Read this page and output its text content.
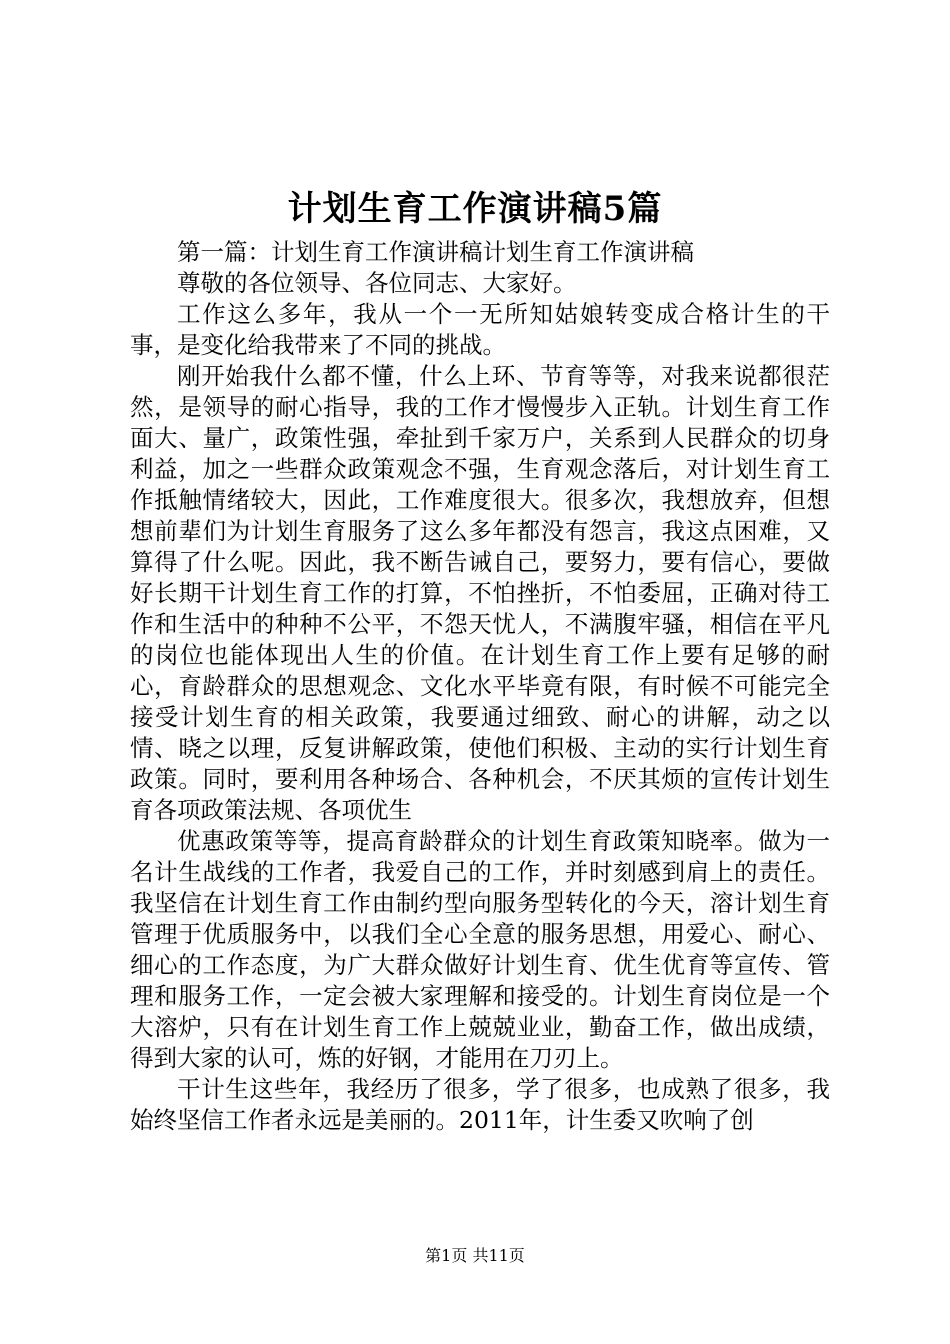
计划生育工作演讲稿5篇

第一篇：计划生育工作演讲稿计划生育工作演讲稿

尊敬的各位领导、各位同志、大家好。

工作这么多年，我从一个一无所知姑娘转变成合格计生的干事，是变化给我带来了不同的挑战。

刚开始我什么都不懂，什么上环、节育等等，对我来说都很茫然，是领导的耐心指导，我的工作才慢慢步入正轨。计划生育工作面大、量广，政策性强，牵扯到千家万户，关系到人民群众的切身利益，加之一些群众政策观念不强，生育观念落后，对计划生育工作抵触情绪较大，因此，工作难度很大。很多次，我想放弃，但想想前辈们为计划生育服务了这么多年都没有怨言，我这点困难，又算得了什么呢。因此，我不断告诫自己，要努力，要有信心，要做好长期干计划生育工作的打算，不怕挫折，不怕委屈，正确对待工作和生活中的种种不公平，不怨天忧人，不满腹牢骚，相信在平凡的岗位也能体现出人生的价值。在计划生育工作上要有足够的耐心，育龄群众的思想观念、文化水平毕竟有限，有时候不可能完全接受计划生育的相关政策，我要通过细致、耐心的讲解，动之以情、晓之以理，反复讲解政策，使他们积极、主动的实行计划生育政策。同时，要利用各种场合、各种机会，不厌其烦的宣传计划生育各项政策法规、各项优生

优惠政策等等，提高育龄群众的计划生育政策知晓率。做为一名计生战线的工作者，我爱自己的工作，并时刻感到肩上的责任。我坚信在计划生育工作由制约型向服务型转化的今天，溶计划生育管理于优质服务中，以我们全心全意的服务思想，用爱心、耐心、细心的工作态度，为广大群众做好计划生育、优生优育等宣传、管理和服务工作，一定会被大家理解和接受的。计划生育岗位是一个大溶炉，只有在计划生育工作上兢兢业业，勤奋工作，做出成绩，得到大家的认可，炼的好钢，才能用在刀刃上。

干计生这些年，我经历了很多，学了很多，也成熟了很多，我始终坚信工作者永远是美丽的。2011年，计生委又吹响了创

第1页 共11页
